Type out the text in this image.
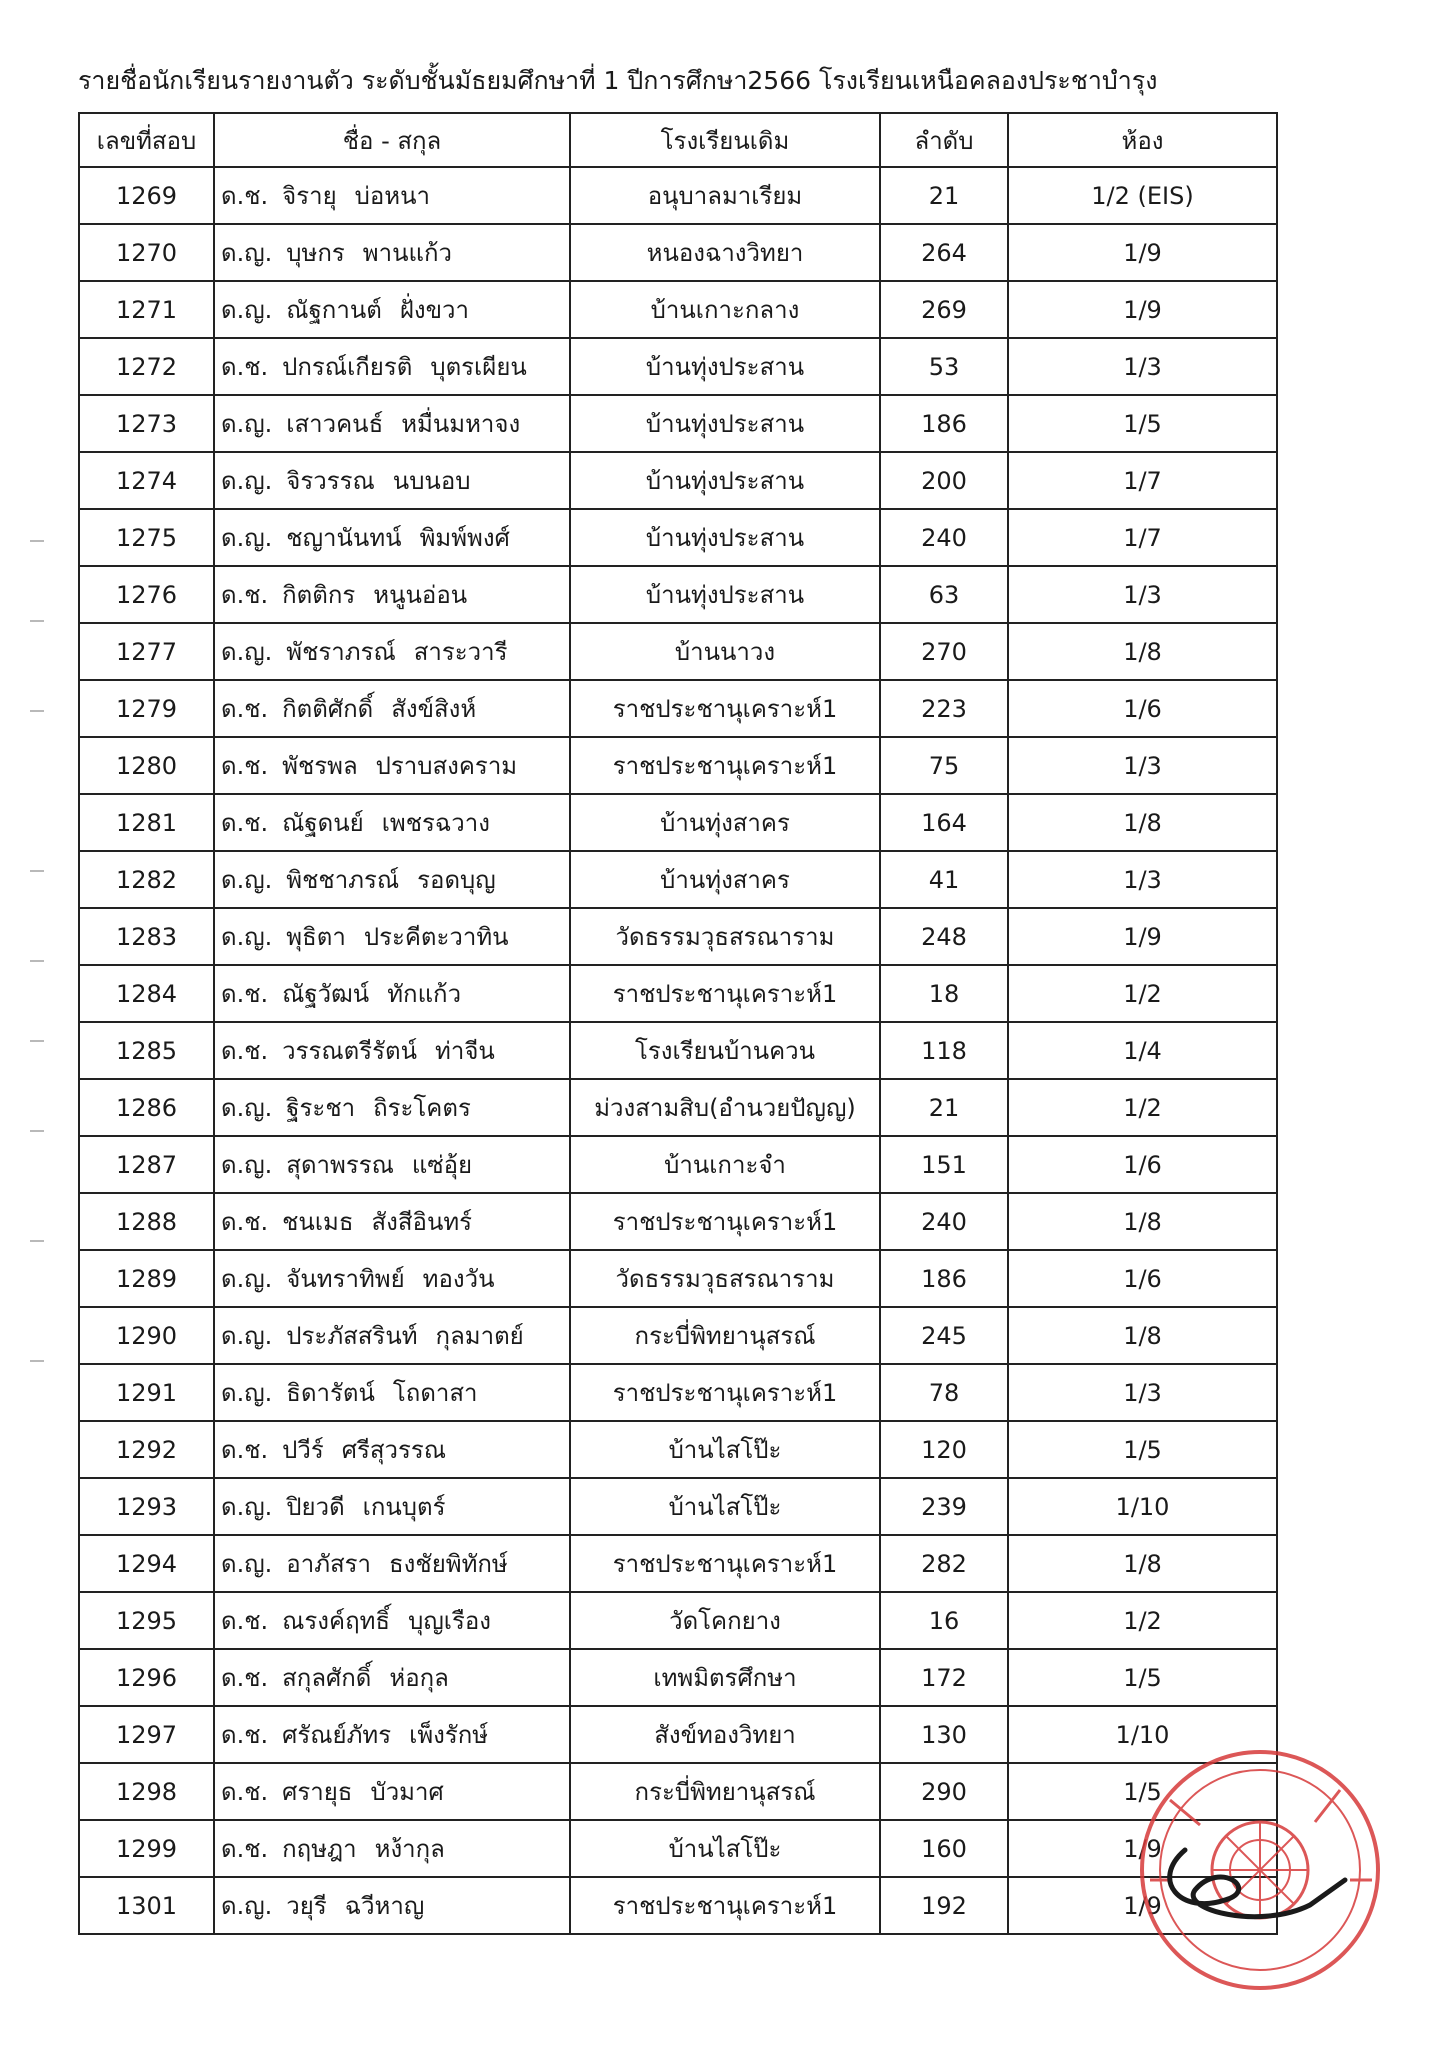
รายชื่อนักเรียนรายงานตัว ระดับชั้นมัธยมศึกษาที่ 1 ปีการศึกษา2566 โรงเรียนเหนือคลองประชาบำรุง
เลขที่สอบ	ชื่อ - สกุล	โรงเรียนเดิม	ลำดับ	ห้อง
1269	ด.ช. จิรายุ บ่อหนา	อนุบาลมาเรียม	21	1/2 (EIS)
1270	ด.ญ. บุษกร พานแก้ว	หนองฉางวิทยา	264	1/9
1271	ด.ญ. ณัฐกานต์ ฝั่งขวา	บ้านเกาะกลาง	269	1/9
1272	ด.ช. ปกรณ์เกียรติ บุตรเผียน	บ้านทุ่งประสาน	53	1/3
1273	ด.ญ. เสาวคนธ์ หมื่นมหาจง	บ้านทุ่งประสาน	186	1/5
1274	ด.ญ. จิรวรรณ นบนอบ	บ้านทุ่งประสาน	200	1/7
1275	ด.ญ. ชญานันทน์ พิมพ์พงศ์	บ้านทุ่งประสาน	240	1/7
1276	ด.ช. กิตติกร หนูนอ่อน	บ้านทุ่งประสาน	63	1/3
1277	ด.ญ. พัชราภรณ์ สาระวารี	บ้านนาวง	270	1/8
1279	ด.ช. กิตติศักดิ์ สังข์สิงห์	ราชประชานุเคราะห์1	223	1/6
1280	ด.ช. พัชรพล ปราบสงคราม	ราชประชานุเคราะห์1	75	1/3
1281	ด.ช. ณัฐดนย์ เพชรฉวาง	บ้านทุ่งสาคร	164	1/8
1282	ด.ญ. พิชชาภรณ์ รอดบุญ	บ้านทุ่งสาคร	41	1/3
1283	ด.ญ. พุธิตา ประคีตะวาทิน	วัดธรรมวุธสรณาราม	248	1/9
1284	ด.ช. ณัฐวัฒน์ ทักแก้ว	ราชประชานุเคราะห์1	18	1/2
1285	ด.ช. วรรณตรีรัตน์ ท่าจีน	โรงเรียนบ้านควน	118	1/4
1286	ด.ญ. ฐิระชา ถิระโคตร	ม่วงสามสิบ(อำนวยปัญญ)	21	1/2
1287	ด.ญ. สุดาพรรณ แซ่อุ้ย	บ้านเกาะจำ	151	1/6
1288	ด.ช. ชนเมธ สังสีอินทร์	ราชประชานุเคราะห์1	240	1/8
1289	ด.ญ. จันทราทิพย์ ทองวัน	วัดธรรมวุธสรณาราม	186	1/6
1290	ด.ญ. ประภัสสรินท์ กุลมาตย์	กระบี่พิทยานุสรณ์	245	1/8
1291	ด.ญ. ธิดารัตน์ โถดาสา	ราชประชานุเคราะห์1	78	1/3
1292	ด.ช. ปวีร์ ศรีสุวรรณ	บ้านไสโป๊ะ	120	1/5
1293	ด.ญ. ปิยวดี เกนบุตร์	บ้านไสโป๊ะ	239	1/10
1294	ด.ญ. อาภัสรา ธงชัยพิทักษ์	ราชประชานุเคราะห์1	282	1/8
1295	ด.ช. ณรงค์ฤทธิ์ บุญเรือง	วัดโคกยาง	16	1/2
1296	ด.ช. สกุลศักดิ์ ห่อกุล	เทพมิตรศึกษา	172	1/5
1297	ด.ช. ศรัณย์ภัทร เพ็งรักษ์	สังข์ทองวิทยา	130	1/10
1298	ด.ช. ศรายุธ บัวมาศ	กระบี่พิทยานุสรณ์	290	1/5
1299	ด.ช. กฤษฎา หง้ากุล	บ้านไสโป๊ะ	160	1/9
1301	ด.ญ. วยุรี ฉวีหาญ	ราชประชานุเคราะห์1	192	1/9
